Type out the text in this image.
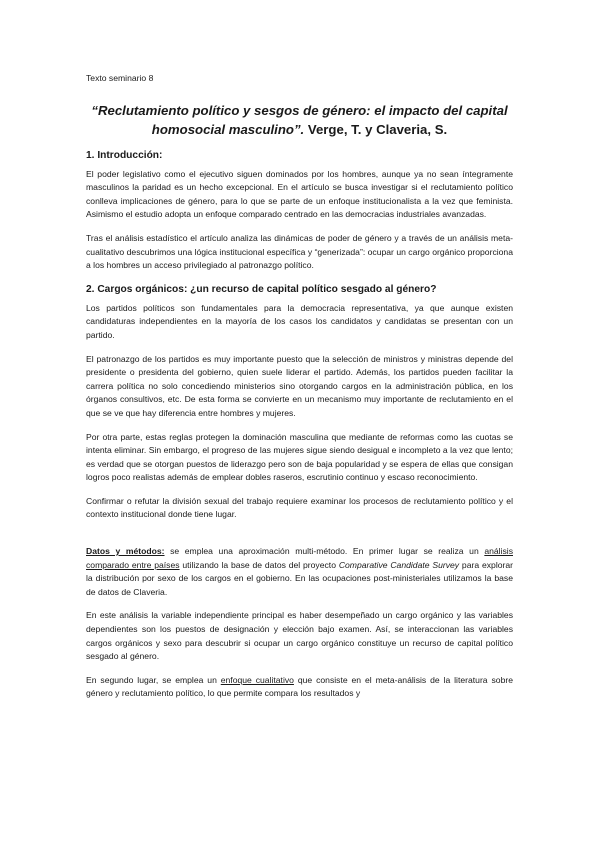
Texto seminario 8
“Reclutamiento político y sesgos de género: el impacto del capital homosocial masculino”. Verge, T. y Claveria, S.
1. Introducción:

El poder legislativo como el ejecutivo siguen dominados por los hombres, aunque ya no sean íntegramente masculinos la paridad es un hecho excepcional. En el artículo se busca investigar si el reclutamiento político conlleva implicaciones de género, para lo que se parte de un enfoque institucionalista a la vez que feminista. Asimismo el estudio adopta un enfoque comparado centrado en las democracias industriales avanzadas.

Tras el análisis estadístico el artículo analiza las dinámicas de poder de género y a través de un análisis meta-cualitativo descubrimos una lógica institucional específica y “generizada”: ocupar un cargo orgánico proporciona a los hombres un acceso privilegiado al patronazgo político.

2. Cargos orgánicos: ¿un recurso de capital político sesgado al género?

Los partidos políticos son fundamentales para la democracia representativa, ya que aunque existen candidaturas independientes en la mayoría de los casos los candidatos y candidatas se presentan con un partido.

El patronazgo de los partidos es muy importante puesto que la selección de ministros y ministras depende del presidente o presidenta del gobierno, quien suele liderar el partido. Además, los partidos pueden facilitar la carrera política no solo concediendo ministerios sino otorgando cargos en la administración pública, en los órganos consultivos, etc. De esta forma se convierte en un mecanismo muy importante de reclutamiento en el que se ve que hay diferencia entre hombres y mujeres.

Por otra parte, estas reglas protegen la dominación masculina que mediante de reformas como las cuotas se intenta eliminar. Sin embargo, el progreso de las mujeres sigue siendo desigual e incompleto a la vez que lento; es verdad que se otorgan puestos de liderazgo pero son de baja popularidad y se espera de ellas que consigan logros poco realistas además de emplear dobles raseros, escrutinio continuo y escaso reconocimiento.

Confirmar o refutar la división sexual del trabajo requiere examinar los procesos de reclutamiento político y el contexto institucional donde tiene lugar.

Datos y métodos: se emplea una aproximación multi-método. En primer lugar se realiza un análisis comparado entre países utilizando la base de datos del proyecto Comparative Candidate Survey para explorar la distribución por sexo de los cargos en el gobierno. En las ocupaciones post-ministeriales utilizamos la base de datos de Claveria.

En este análisis la variable independiente principal es haber desempeñado un cargo orgánico y las variables dependientes son los puestos de designación y elección bajo examen. Así, se interaccionan las variables cargos orgánicos y sexo para descubrir si ocupar un cargo orgánico constituye un recurso de capital político sesgado al género.

En segundo lugar, se emplea un enfoque cualitativo que consiste en el meta-análisis de la literatura sobre género y reclutamiento político, lo que permite compara los resultados y
